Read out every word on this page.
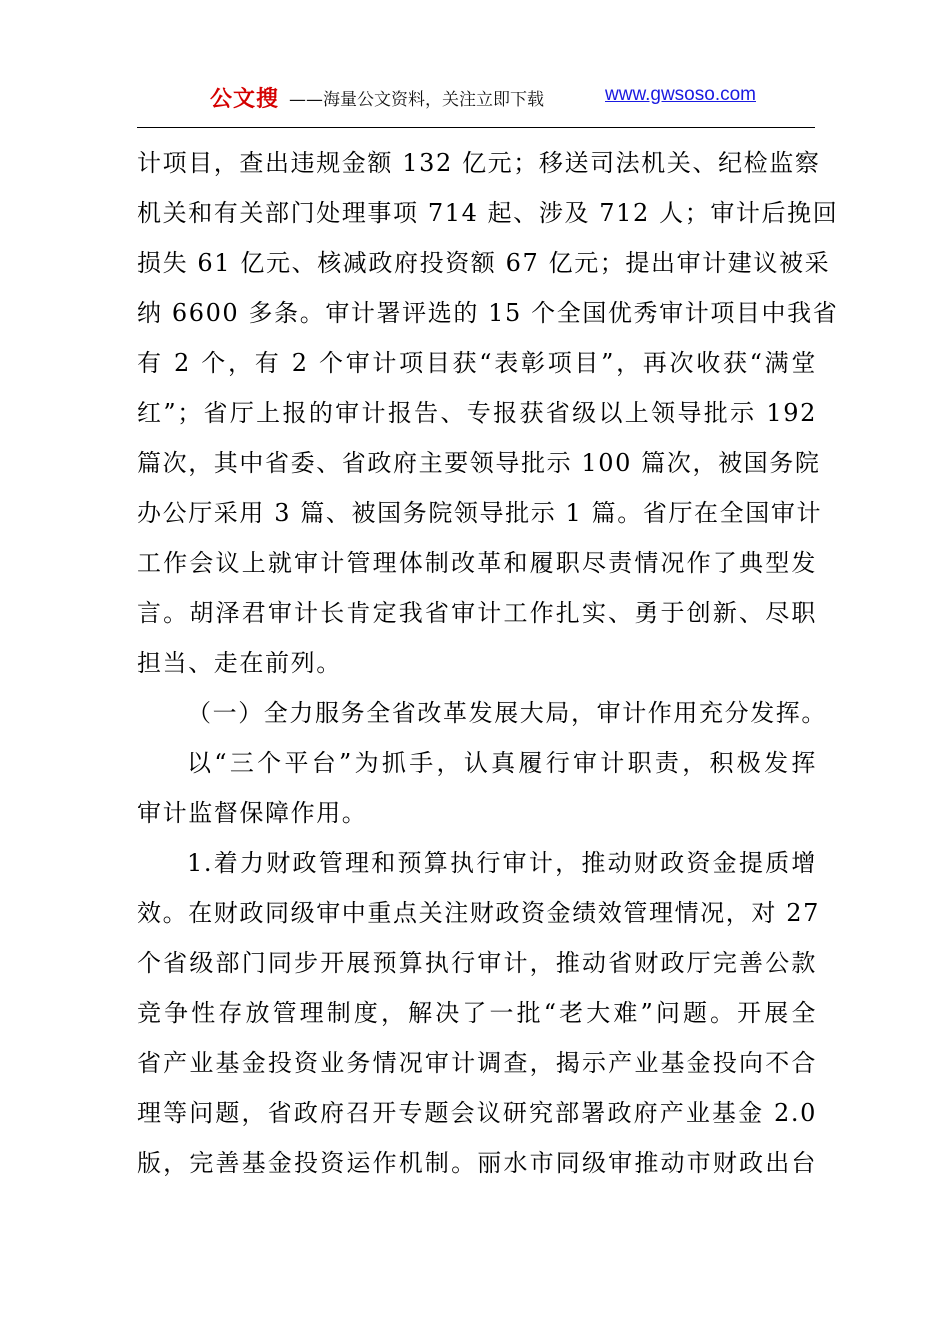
公文搜 ——海量公文资料，关注立即下载	www.gwsoso.com
计项目，查出违规金额 132 亿元；移送司法机关、纪检监察
机关和有关部门处理事项 714 起、涉及 712 人；审计后挽回
损失 61 亿元、核减政府投资额 67 亿元；提出审计建议被采
纳 6600 多条。审计署评选的 15 个全国优秀审计项目中我省
有 2 个，有 2 个审计项目获“表彰项目”，再次收获“满堂
红”；省厅上报的审计报告、专报获省级以上领导批示 192
篇次，其中省委、省政府主要领导批示 100 篇次，被国务院
办公厅采用 3 篇、被国务院领导批示 1 篇。省厅在全国审计
工作会议上就审计管理体制改革和履职尽责情况作了典型发
言。胡泽君审计长肯定我省审计工作扎实、勇于创新、尽职
担当、走在前列。
（一）全力服务全省改革发展大局，审计作用充分发挥。
以“三个平台”为抓手，认真履行审计职责，积极发挥
审计监督保障作用。
1.着力财政管理和预算执行审计，推动财政资金提质增
效。在财政同级审中重点关注财政资金绩效管理情况，对 27
个省级部门同步开展预算执行审计，推动省财政厅完善公款
竞争性存放管理制度，解决了一批“老大难”问题。开展全
省产业基金投资业务情况审计调查，揭示产业基金投向不合
理等问题，省政府召开专题会议研究部署政府产业基金 2.0
版，完善基金投资运作机制。丽水市同级审推动市财政出台
